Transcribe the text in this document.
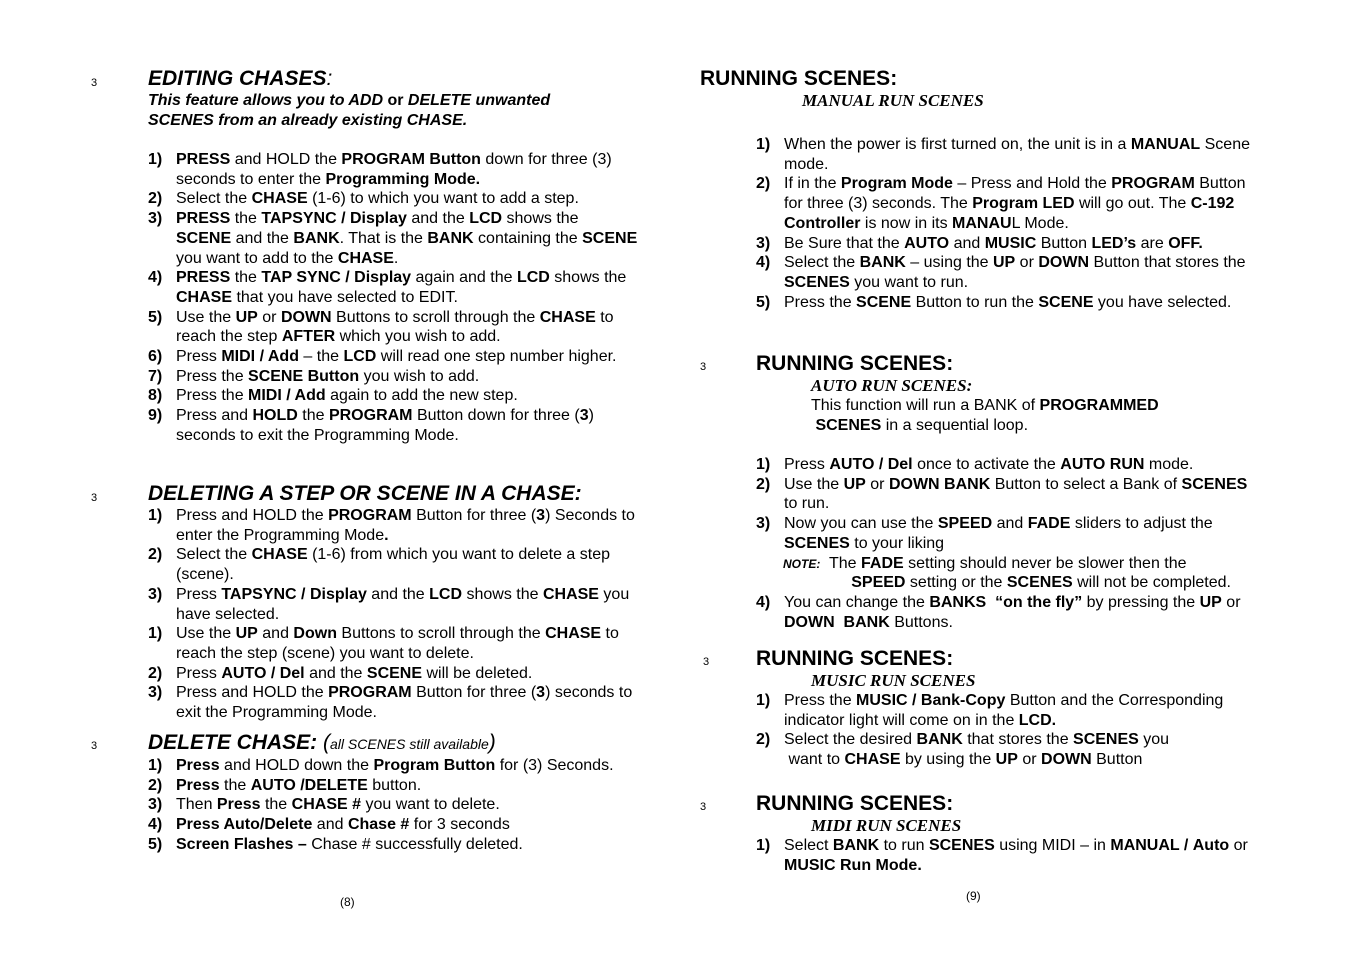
3 EDITING CHASES:
This feature allows you to ADD or DELETE unwanted
SCENES from an already existing CHASE.
1) PRESS and HOLD the PROGRAM Button down for three (3) seconds to enter the Programming Mode.
2) Select the CHASE (1-6) to which you want to add a step.
3) PRESS the TAPSYNC / Display and the LCD shows the SCENE and the BANK. That is the BANK containing the SCENE you want to add to the CHASE.
4) PRESS the TAP SYNC / Display again and the LCD shows the CHASE that you have selected to EDIT.
5) Use the UP or DOWN Buttons to scroll through the CHASE to reach the step AFTER which you wish to add.
6) Press MIDI / Add – the LCD will read one step number higher.
7) Press the SCENE Button you wish to add.
8) Press the MIDI / Add again to add the new step.
9) Press and HOLD the PROGRAM Button down for three (3) seconds to exit the Programming Mode.
3 DELETING A STEP OR SCENE IN A CHASE:
1) Press and HOLD the PROGRAM Button for three (3) Seconds to enter the Programming Mode.
2) Select the CHASE (1-6) from which you want to delete a step (scene).
3) Press TAPSYNC / Display and the LCD shows the CHASE you have selected.
1) Use the UP and Down Buttons to scroll through the CHASE to reach the step (scene) you want to delete.
2) Press AUTO / Del and the SCENE will be deleted.
3) Press and HOLD the PROGRAM Button for three (3) seconds to exit the Programming Mode.
3 DELETE CHASE: (all SCENES still available)
1) Press and HOLD down the Program Button for (3) Seconds.
2) Press the AUTO /DELETE button.
3) Then Press the CHASE # you want to delete.
4) Press Auto/Delete and Chase # for 3 seconds
5) Screen Flashes – Chase # successfully deleted.
(8)
RUNNING SCENES:
MANUAL RUN SCENES
1) When the power is first turned on, the unit is in a MANUAL Scene mode.
2) If in the Program Mode – Press and Hold the PROGRAM Button for three (3) seconds. The Program LED will go out. The C-192 Controller is now in its MANAUL Mode.
3) Be Sure that the AUTO and MUSIC Button LED’s are OFF.
4) Select the BANK – using the UP or DOWN Button that stores the SCENES you want to run.
5) Press the SCENE Button to run the SCENE you have selected.
3 RUNNING SCENES:
AUTO RUN SCENES:
This function will run a BANK of PROGRAMMED
SCENES in a sequential loop.
1) Press AUTO / Del once to activate the AUTO RUN mode.
2) Use the UP or DOWN BANK Button to select a Bank of SCENES to run.
3) Now you can use the SPEED and FADE sliders to adjust the SCENES to your liking
NOTE: The FADE setting should never be slower then the
SPEED setting or the SCENES will not be completed.
4) You can change the BANKS  “on the fly” by pressing the UP or DOWN  BANK Buttons.
3 RUNNING SCENES:
MUSIC RUN SCENES
1) Press the MUSIC / Bank-Copy Button and the Corresponding indicator light will come on in the LCD.
2) Select the desired BANK that stores the SCENES you
want to CHASE by using the UP or DOWN Button
3 RUNNING SCENES:
MIDI RUN SCENES
1) Select BANK to run SCENES using MIDI – in MANUAL / Auto or MUSIC Run Mode.
(9)
